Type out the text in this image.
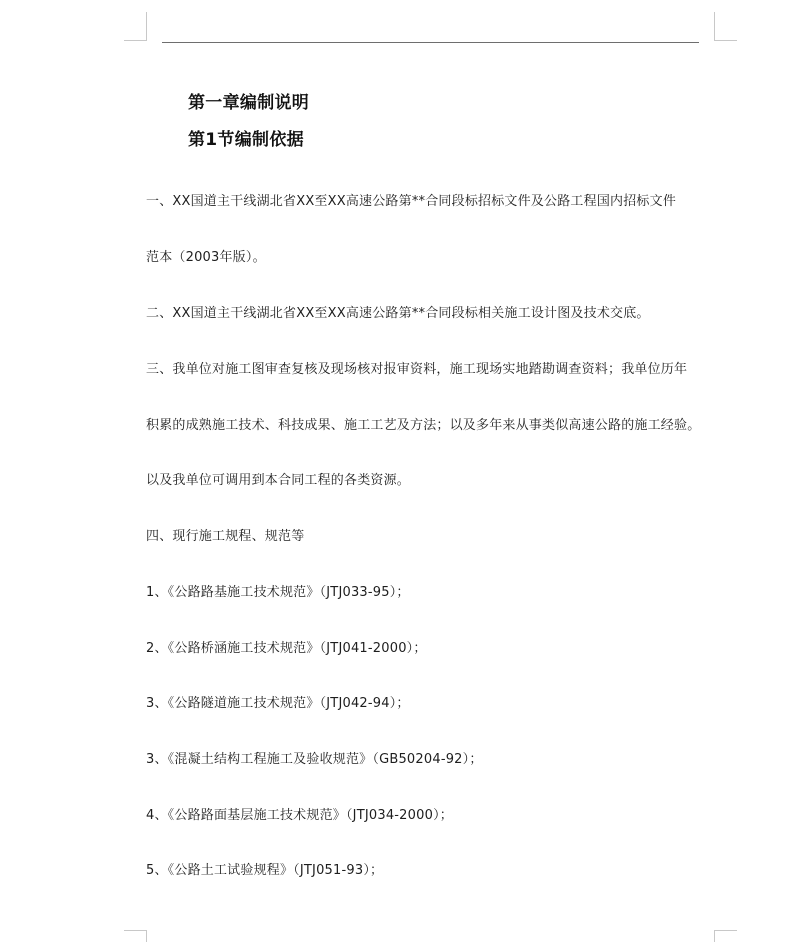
第一章编制说明
第1节编制依据
一、XX国道主干线湖北省XX至XX高速公路第**合同段标招标文件及公路工程国内招标文件
范本（2003年版）。
二、XX国道主干线湖北省XX至XX高速公路第**合同段标相关施工设计图及技术交底。
三、我单位对施工图审查复核及现场核对报审资料，施工现场实地踏勘调查资料；我单位历年
积累的成熟施工技术、科技成果、施工工艺及方法；以及多年来从事类似高速公路的施工经验。
以及我单位可调用到本合同工程的各类资源。
四、现行施工规程、规范等
1、《公路路基施工技术规范》（JTJ033-95）；
2、《公路桥涵施工技术规范》（JTJ041-2000）；
3、《公路隧道施工技术规范》（JTJ042-94）；
3、《混凝土结构工程施工及验收规范》（GB50204-92）；
4、《公路路面基层施工技术规范》（JTJ034-2000）；
5、《公路土工试验规程》（JTJ051-93）；
